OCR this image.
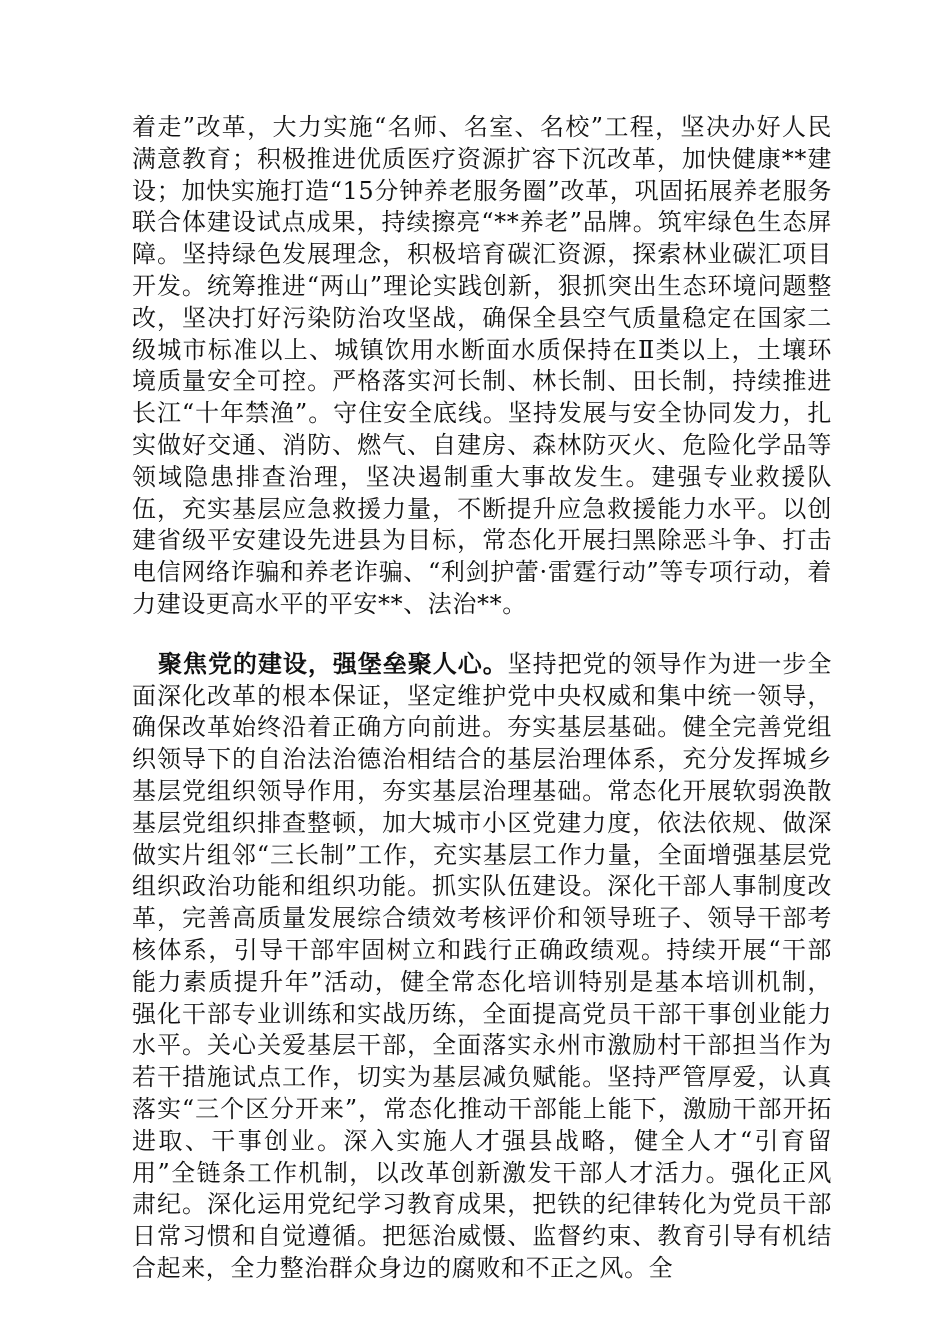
着走”改革，大力实施“名师、名室、名校”工程，坚决办好人民满意教育；积极推进优质医疗资源扩容下沉改革，加快健康**建设；加快实施打造“15分钟养老服务圈”改革，巩固拓展养老服务联合体建设试点成果，持续擦亮“**养老”品牌。筑牢绿色生态屏障。坚持绿色发展理念，积极培育碳汇资源，探索林业碳汇项目开发。统筹推进“两山”理论实践创新，狠抓突出生态环境问题整改，坚决打好污染防治攻坚战，确保全县空气质量稳定在国家二级城市标准以上、城镇饮用水断面水质保持在Ⅱ类以上，土壤环境质量安全可控。严格落实河长制、林长制、田长制，持续推进长江“十年禁渔”。守住安全底线。坚持发展与安全协同发力，扎实做好交通、消防、燃气、自建房、森林防灭火、危险化学品等领域隐患排查治理，坚决遏制重大事故发生。建强专业救援队伍，充实基层应急救援力量，不断提升应急救援能力水平。以创建省级平安建设先进县为目标，常态化开展扫黑除恶斗争、打击电信网络诈骗和养老诈骗、“利剑护蕾·雷霆行动”等专项行动，着力建设更高水平的平安**、法治**。

聚焦党的建设，强堡垒聚人心。坚持把党的领导作为进一步全面深化改革的根本保证，坚定维护党中央权威和集中统一领导，确保改革始终沿着正确方向前进。夯实基层基础。健全完善党组织领导下的自治法治德治相结合的基层治理体系，充分发挥城乡基层党组织领导作用，夯实基层治理基础。常态化开展软弱涣散基层党组织排查整顿，加大城市小区党建力度，依法依规、做深做实片组邻“三长制”工作，充实基层工作力量，全面增强基层党组织政治功能和组织功能。抓实队伍建设。深化干部人事制度改革，完善高质量发展综合绩效考核评价和领导班子、领导干部考核体系，引导干部牢固树立和践行正确政绩观。持续开展“干部能力素质提升年”活动，健全常态化培训特别是基本培训机制，强化干部专业训练和实战历练，全面提高党员干部干事创业能力水平。关心关爱基层干部，全面落实永州市激励村干部担当作为若干措施试点工作，切实为基层减负赋能。坚持严管厚爱，认真落实“三个区分开来”，常态化推动干部能上能下，激励干部开拓进取、干事创业。深入实施人才强县战略，健全人才“引育留用”全链条工作机制，以改革创新激发干部人才活力。强化正风肃纪。深化运用党纪学习教育成果，把铁的纪律转化为党员干部日常习惯和自觉遵循。把惩治威慑、监督约束、教育引导有机结合起来，全力整治群众身边的腐败和不正之风。全
